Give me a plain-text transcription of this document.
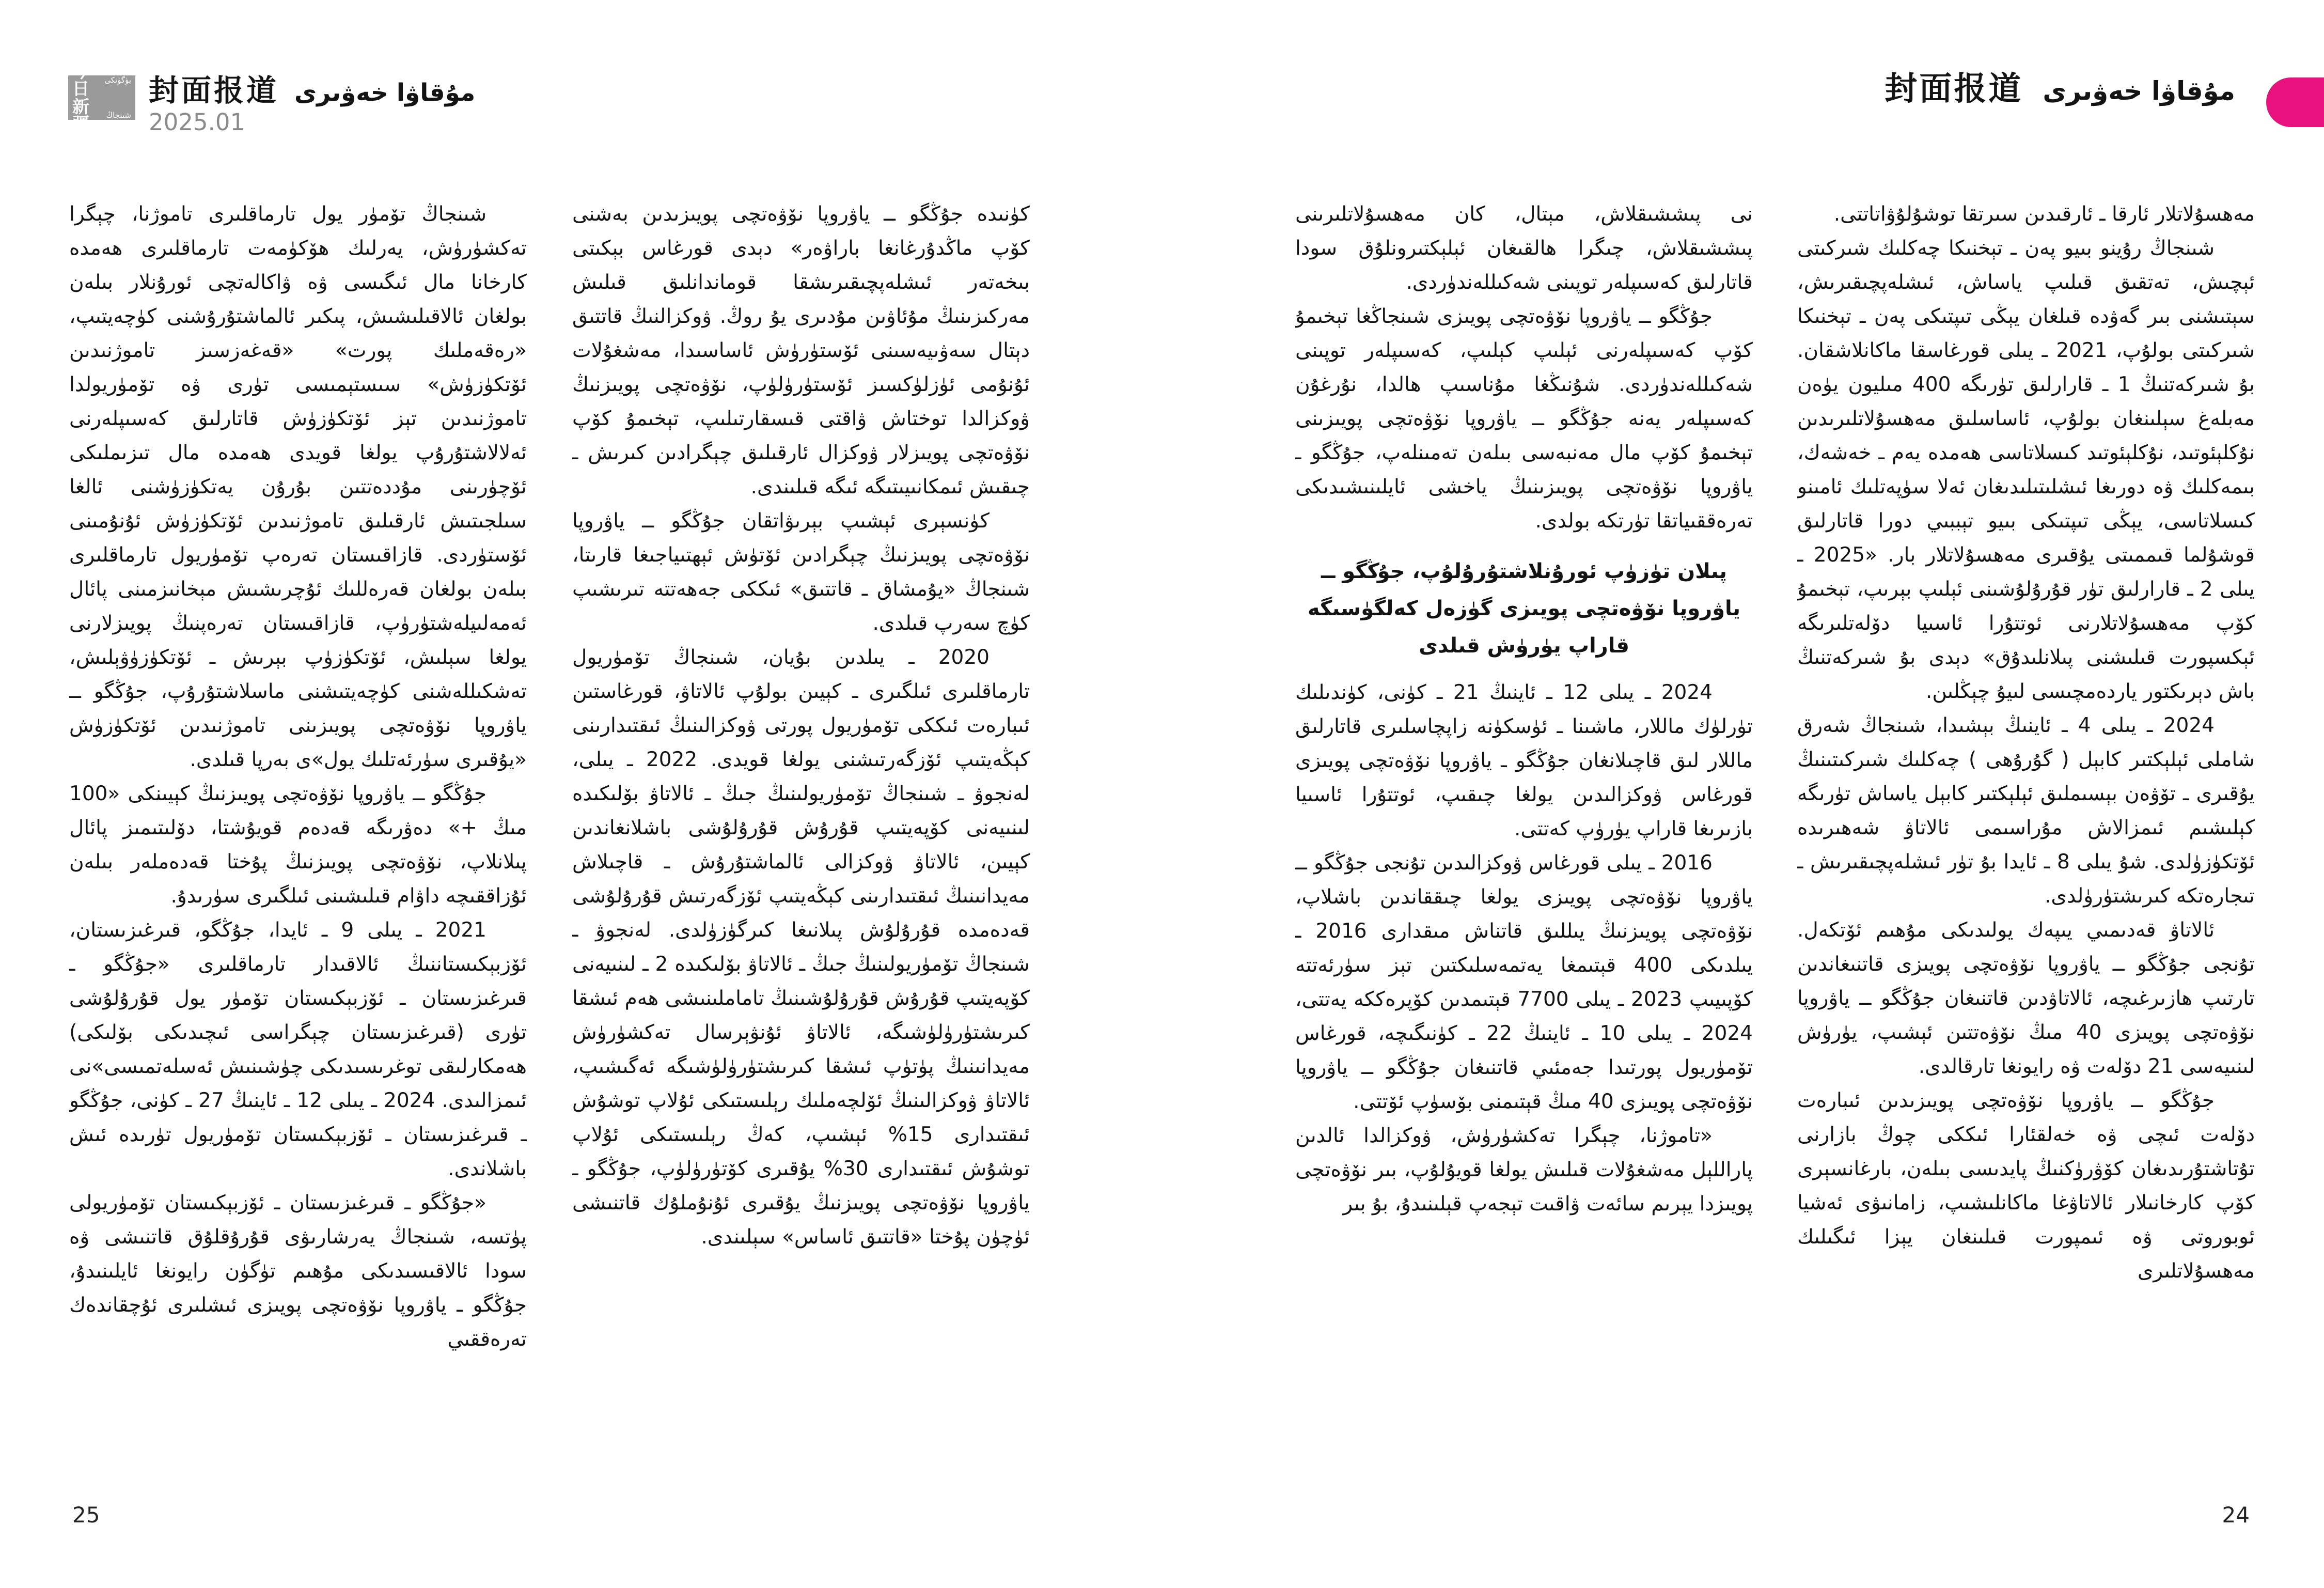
今日	بۈگۈنكى
新疆	شىنجاڭ
封面报道 مۇقاۋا خەۋىرى
2025.01
封面报道 مۇقاۋا خەۋىرى

مەھسۇلاتلار ئارقا ـ ئارقىدىن سىرتقا توشۇلۇۋاتاتتى.

شىنجاڭ رۇينو بىيو پەن ـ تېخنىكا چەكلىك شىركىتى ئېچىش، تەتقىق قىلىپ ياساش، ئىشلەپچىقىرىش، سېتىشنى بىر گەۋدە قىلغان يېڭى تىپتىكى پەن ـ تېخنىكا شىركىتى بولۇپ، 2021 ـ يىلى قورغاسقا ماكانلاشقان. بۇ شىركەتنىڭ 1 ـ قارارلىق تۈرىگە 400 مىليون يۈەن مەبلەغ سېلىنغان بولۇپ، ئاساسلىق مەھسۇلاتلىرىدىن نۇكلېئوتىد، نۇكلېئوتىد كىسلاتاسى ھەمدە يەم ـ خەشەك، بىمەكلىك ۋە دورىغا ئىشلىتىلىدىغان ئەلا سۈپەتلىك ئامىنو كىسلاتاسى، يېڭى تىپتىكى بىيو تېببىي دورا قاتارلىق قوشۇلما قىممىتى يۇقىرى مەھسۇلاتلار بار. «2025 ـ يىلى 2 ـ قارارلىق تۈر قۇرۇلۇشىنى ئېلىپ بېرىپ، تېخىمۇ كۆپ مەھسۇلاتلارنى ئوتتۇرا ئاسىيا دۆلەتلىرىگە ئېكسپورت قىلىشنى پىلانلىدۇق» دېدى بۇ شىركەتنىڭ باش دېرىكتور ياردەمچىسى لىيۇ چېڭلىن.

2024 ـ يىلى 4 ـ ئاينىڭ بېشىدا، شىنجاڭ شەرق شاملى ئېلېكتىر كابېل ( گۇرۇھى ) چەكلىك شىركىتىنىڭ يۇقىرى ـ تۆۋەن بېسىملىق ئېلېكتىر كابېل ياساش تۈرىگە كېلىشىم ئىمزالاش مۇراسىمى ئالاتاۋ شەھىرىدە ئۆتكۈزۈلدى. شۇ يىلى 8 ـ ئايدا بۇ تۈر ئىشلەپچىقىرىش ـ تىجارەتكە كىرىشتۈرۈلدى.

ئالاتاۋ قەدىمىي يىپەك يولىدىكى مۇھىم ئۆتكەل. تۇنجى جۇڭگو ــ ياۋروپا نۆۋەتچى پويىزى قاتنىغاندىن تارتىپ ھازىرغىچە، ئالاتاۋدىن قاتنىغان جۇڭگو ــ ياۋروپا نۆۋەتچى پويىزى 40 مىڭ نۆۋەتتىن ئېشىپ، يۈرۈش لىنىيەسى 21 دۆلەت ۋە رايونغا تارقالدى.

جۇڭگو ــ ياۋروپا نۆۋەتچى پويىزىدىن ئىبارەت دۆلەت ئىچى ۋە خەلقئارا ئىككى چوڭ بازارنى تۇتاشتۇرىدىغان كۆۋرۈكنىڭ پايدىسى بىلەن، بارغانسېرى كۆپ كارخانىلار ئالاتاۋغا ماكانلىشىپ، زامانىۋى ئەشيا ئوبوروتى ۋە ئىمپورت قىلىنغان يېزا ئىگىلىك مەھسۇلاتلىرى

نى پىششىقلاش، مېتال، كان مەھسۇلاتلىرىنى پىششىقلاش، چىگرا ھالقىغان ئېلېكتىرونلۇق سودا قاتارلىق كەسىپلەر توپىنى شەكىللەندۈردى.

جۇڭگو ــ ياۋروپا نۆۋەتچى پويىزى شىنجاڭغا تېخىمۇ كۆپ كەسىپلەرنى ئېلىپ كېلىپ، كەسىپلەر توپىنى شەكىللەندۈردى. شۇنىڭغا مۇناسىپ ھالدا، نۇرغۇن كەسىپلەر يەنە جۇڭگو ــ ياۋروپا نۆۋەتچى پويىزىنى تېخىمۇ كۆپ مال مەنبەسى بىلەن تەمىنلەپ، جۇڭگو ـ ياۋروپا نۆۋەتچى پويىزىنىڭ ياخشى ئايلىنىشىدىكى تەرەققىياتقا تۈرتكە بولدى.

پىلان تۈزۈپ ئورۇنلاشتۇرۇلۇپ، جۇڭگو ــ ياۋروپا نۆۋەتچى پويىزى گۈزەل كەلگۈسىگە قاراپ يۈرۈش قىلدى

2024 ـ يىلى 12 ـ ئاينىڭ 21 ـ كۈنى، كۈندىلىك تۈرلۈك ماللار، ماشىنا ـ ئۈسكۈنە زاپچاسلىرى قاتارلىق ماللار لىق قاچىلانغان جۇڭگو ـ ياۋروپا نۆۋەتچى پويىزى قورغاس ۋوكزالىدىن يولغا چىقىپ، ئوتتۇرا ئاسىيا بازىرىغا قاراپ يۈرۈپ كەتتى.

2016 ـ يىلى قورغاس ۋوكزالىدىن تۇنجى جۇڭگو ــ ياۋروپا نۆۋەتچى پويىزى يولغا چىققاندىن باشلاپ، نۆۋەتچى پويىزنىڭ يىللىق قاتناش مىقدارى 2016 ـ يىلدىكى 400 قېتىمغا يەتمەسلىكتىن تېز سۈرئەتتە كۆپىيىپ 2023 ـ يىلى 7700 قېتىمدىن كۆپرەككە يەتتى، 2024 ـ يىلى 10 ـ ئاينىڭ 22 ـ كۈنىگىچە، قورغاس تۆمۈريول پورتىدا جەمئىي قاتنىغان جۇڭگو ــ ياۋروپا نۆۋەتچى پويىزى 40 مىڭ قېتىمنى بۆسۈپ ئۆتتى.

«تاموژنا، چېگرا تەكشۈرۈش، ۋوكزالدا ئالدىن پاراللېل مەشغۇلات قىلىش يولغا قويۇلۇپ، بىر نۆۋەتچى پويىزدا يېرىم سائەت ۋاقىت تېجەپ قېلىنىدۇ، بۇ بىر

كۈنىدە جۇڭگو ــ ياۋروپا نۆۋەتچى پويىزىدىن بەشنى كۆپ ماڭدۇرغانغا باراۋەر» دېدى قورغاس بېكىتى بىخەتەر ئىشلەپچىقىرىشقا قوماندانلىق قىلىش مەركىزىنىڭ مۇئاۋىن مۇدىرى يۇ روڭ. ۋوكزالنىڭ قاتتىق دېتال سەۋىيەسىنى ئۆستۈرۈش ئاساسىدا، مەشغۇلات ئۇنۇمى ئۈزلۈكسىز ئۆستۈرۈلۈپ، نۆۋەتچى پويىزنىڭ ۋوكزالدا توختاش ۋاقتى قىسقارتىلىپ، تېخىمۇ كۆپ نۆۋەتچى پويىزلار ۋوكزال ئارقىلىق چېگرادىن كىرىش ـ چىقىش ئىمكانىيىتىگە ئىگە قىلىندى.

كۈنسېرى ئېشىپ بېرىۋاتقان جۇڭگو ــ ياۋروپا نۆۋەتچى پويىزنىڭ چېگرادىن ئۆتۈش ئېھتىياجىغا قارىتا، شىنجاڭ «يۇمشاق ـ قاتتىق» ئىككى جەھەتتە تىرىشىپ كۈچ سەرپ قىلدى.

2020 ـ يىلدىن بۇيان، شىنجاڭ تۆمۈريول تارماقلىرى ئىلگىرى ـ كېيىن بولۇپ ئالاتاۋ، قورغاستىن ئىبارەت ئىككى تۆمۈريول پورتى ۋوكزالىنىڭ ئىقتىدارىنى كېڭەيتىپ ئۆزگەرتىشنى يولغا قويدى. 2022 ـ يىلى، لەنجوۋ ـ شىنجاڭ تۆمۈريولىنىڭ جىڭ ـ ئالاتاۋ بۆلىكىدە لىنىيەنى كۆپەيتىپ قۇرۇش قۇرۇلۇشى باشلانغاندىن كېيىن، ئالاتاۋ ۋوكزالى ئالماشتۇرۇش ـ قاچىلاش مەيدانىنىڭ ئىقتىدارىنى كېڭەيتىپ ئۆزگەرتىش قۇرۇلۇشى قەدەمدە قۇرۇلۇش پىلانىغا كىرگۈزۈلدى. لەنجوۋ ـ شىنجاڭ تۆمۈريولىنىڭ جىڭ ـ ئالاتاۋ بۆلىكىدە 2 ـ لىنىيەنى كۆپەيتىپ قۇرۇش قۇرۇلۇشىنىڭ تاماملىنىشى ھەم ئىشقا كىرىشتۈرۈلۈشىگە، ئالاتاۋ ئۇنۋېرسال تەكشۈرۈش مەيدانىنىڭ پۈتۈپ ئىشقا كىرىشتۈرۈلۈشىگە ئەگىشىپ، ئالاتاۋ ۋوكزالىنىڭ ئۆلچەملىك رېلىستىكى ئۇلاپ توشۇش ئىقتىدارى 15% ئېشىپ، كەڭ رېلىستىكى ئۇلاپ توشۇش ئىقتىدارى 30% يۇقىرى كۆتۈرۈلۈپ، جۇڭگو ـ ياۋروپا نۆۋەتچى پويىزنىڭ يۇقىرى ئۇنۇملۇك قاتنىشى ئۈچۈن پۇختا «قاتتىق ئاساس» سېلىندى.

شىنجاڭ تۆمۈر يول تارماقلىرى تاموژنا، چېگرا تەكشۈرۈش، يەرلىك ھۆكۈمەت تارماقلىرى ھەمدە كارخانا مال ئىگىسى ۋە ۋاكالەتچى ئورۇنلار بىلەن بولغان ئالاقىلىشىش، پىكىر ئالماشتۇرۇشنى كۈچەيتىپ، «رەقەملىك پورت» «قەغەزسىز تاموژنىدىن ئۆتكۈزۈش» سىستېمىسى تۈرى ۋە تۆمۈريولدا تاموژنىدىن تېز ئۆتكۈزۈش قاتارلىق كەسىپلەرنى ئەلالاشتۇرۇپ يولغا قويدى ھەمدە مال تىزىملىكى ئۆچۈرىنى مۇددەتتىن بۇرۇن يەتكۈزۈشنى ئالغا سىلجىتىش ئارقىلىق تاموژنىدىن ئۆتكۈزۈش ئۇنۇمىنى ئۆستۈردى. قازاقىستان تەرەپ تۆمۈريول تارماقلىرى بىلەن بولغان قەرەللىك ئۇچرىشىش مېخانىزمىنى پائال ئەمەلىيلەشتۈرۈپ، قازاقىستان تەرەپنىڭ پويىزلارنى يولغا سېلىش، ئۆتكۈزۈپ بېرىش ـ ئۆتكۈزۈۋېلىش، تەشكىللەشنى كۈچەيتىشنى ماسلاشتۇرۇپ، جۇڭگو ــ ياۋروپا نۆۋەتچى پويىزىنى تاموژنىدىن ئۆتكۈزۈش «يۇقىرى سۈرئەتلىك يول»ى بەرپا قىلدى.

جۇڭگو ــ ياۋروپا نۆۋەتچى پويىزنىڭ كېيىنكى «100 مىڭ +» دەۋرىگە قەدەم قويۇشتا، دۆلىتىمىز پائال پىلانلاپ، نۆۋەتچى پويىزنىڭ پۇختا قەدەملەر بىلەن ئۇزاققىچە داۋام قىلىشىنى ئىلگىرى سۈرىدۇ.

2021 ـ يىلى 9 ـ ئايدا، جۇڭگو، قىرغىزىستان، ئۆزبېكىستاننىڭ ئالاقىدار تارماقلىرى «جۇڭگو ـ قىرغىزىستان ـ ئۆزبېكىستان تۆمۈر يول قۇرۇلۇشى تۈرى (قىرغىزىستان چېگراسى ئىچىدىكى بۆلىكى) ھەمكارلىقى توغرىسىدىكى چۈشىنىش ئەسلەتمىسى»نى ئىمزالىدى. 2024 ـ يىلى 12 ـ ئاينىڭ 27 ـ كۈنى، جۇڭگو ـ قىرغىزىستان ـ ئۆزبېكىستان تۆمۈريول تۈرىدە ئىش باشلاندى.

«جۇڭگو ـ قىرغىزىستان ـ ئۆزبېكىستان تۆمۈريولى پۈتسە، شىنجاڭ يەرشارىۋى قۇرۇقلۇق قاتنىشى ۋە سودا ئالاقىسىدىكى مۇھىم تۈگۈن رايونغا ئايلىنىدۇ، جۇڭگو ـ ياۋروپا نۆۋەتچى پويىزى ئىشلىرى ئۇچقاندەك تەرەققىي

25	24
